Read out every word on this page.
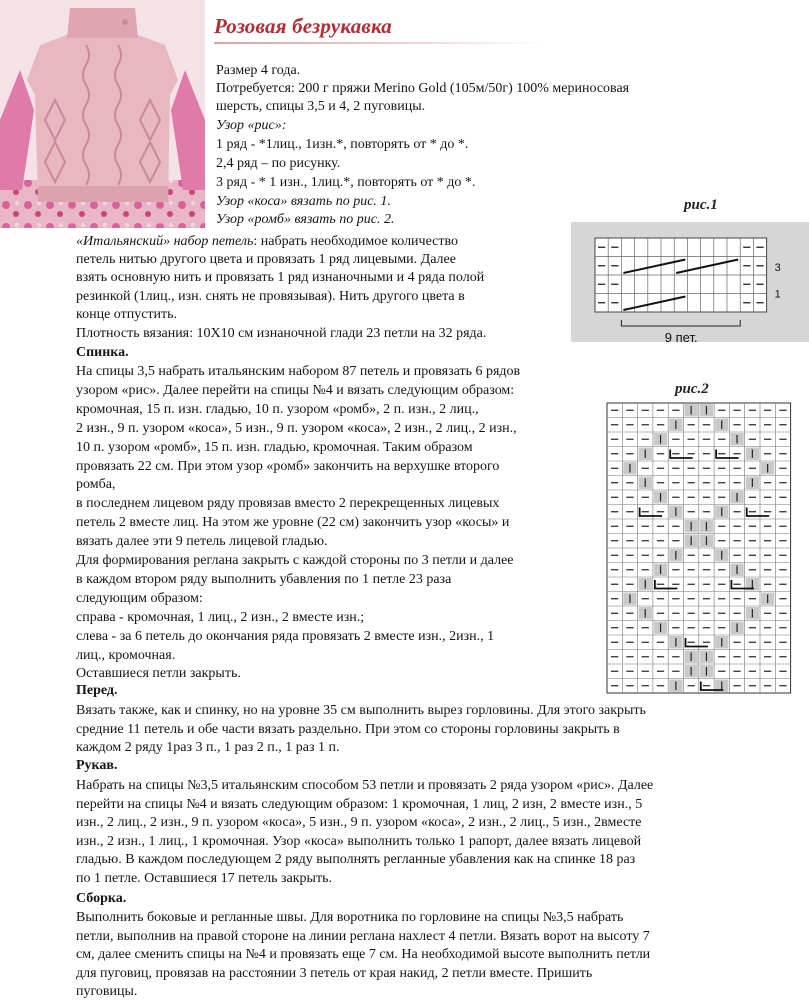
Розовая безрукавка
Размер 4 года.
Потребуется: 200 г пряжи Merino Gold (105м/50г) 100% мериносовая
шерсть, спицы 3,5 и 4, 2 пуговицы.
Узор «рис»:
1 ряд - *1лиц., 1изн.*, повторять от * до *.
2,4 ряд – по рисунку.
3 ряд - * 1 изн., 1лиц.*, повторять от * до *.
Узор «коса» вязать по рис. 1.
Узор «ромб» вязать по рис. 2.
«Итальянский» набор петель: набрать необходимое количество
петель нитью другого цвета и провязать 1 ряд лицевыми. Далее
взять основную нить и провязать 1 ряд изнаночными и 4 ряда полой
резинкой (1лиц., изн. снять не провязывая). Нить другого цвета в
конце отпустить.
Плотность вязания: 10Х10 см изнаночной глади 23 петли на 32 ряда.
Спинка.
На спицы 3,5 набрать итальянским набором 87 петель и провязать 6 рядов
узором «рис». Далее перейти на спицы №4 и вязать следующим образом:
кромочная, 15 п. изн. гладью, 10 п. узором «ромб», 2 п. изн., 2 лиц.,
2 изн., 9 п. узором «коса», 5 изн., 9 п. узором «коса», 2 изн., 2 лиц., 2 изн.,
10 п. узором «ромб», 15 п. изн. гладью, кромочная. Таким образом
провязать 22 см. При этом узор «ромб» закончить на верхушке второго
ромба,
в последнем лицевом ряду провязав вместо 2 перекрещенных лицевых
петель 2 вместе лиц. На этом же уровне (22 см) закончить узор «косы» и
вязать далее эти 9 петель лицевой гладью.
Для формирования реглана закрыть с каждой стороны по 3 петли и далее
в каждом втором ряду выполнить убавления по 1 петле 23 раза
следующим образом:
справа - кромочная, 1 лиц., 2 изн., 2 вместе изн.;
слева - за 6 петель до окончания ряда провязать 2 вместе изн., 2изн., 1
лиц., кромочная.
Оставшиеся петли закрыть.
Перед.
Вязать также, как и спинку, но на уровне 35 см выполнить вырез горловины. Для этого закрыть
средние 11 петель и обе части вязать раздельно. При этом со стороны горловины закрыть в
каждом 2 ряду 1раз 3 п., 1 раз 2 п., 1 раз 1 п.
Рукав.
Набрать на спицы №3,5 итальянским способом 53 петли и провязать 2 ряда узором «рис». Далее
перейти на спицы №4 и вязать следующим образом: 1 кромочная, 1 лиц, 2 изн, 2 вместе изн., 5
изн., 2 лиц., 2 изн., 9 п. узором «коса», 5 изн., 9 п. узором «коса», 2 изн., 2 лиц., 5 изн., 2вместе
изн., 2 изн., 1 лиц., 1 кромочная. Узор «коса» выполнить только 1 рапорт, далее вязать лицевой
гладью. В каждом последующем 2 ряду выполнять регланные убавления как на спинке 18 раз
по 1 петле. Оставшиеся 17 петель закрыть.
Сборка.
Выполнить боковые и регланные швы. Для воротника по горловине на спицы №3,5 набрать
петли, выполнив на правой стороне на линии реглана нахлест 4 петли. Вязать ворот на высоту 7
см, далее сменить спицы на №4 и провязать еще 7 см. На необходимой высоте выполнить петли
для пуговиц, провязав на расстоянии 3 петель от края накид, 2 петли вместе. Пришить
пуговицы.
рис.1
9 пет.
3
1
рис.2
